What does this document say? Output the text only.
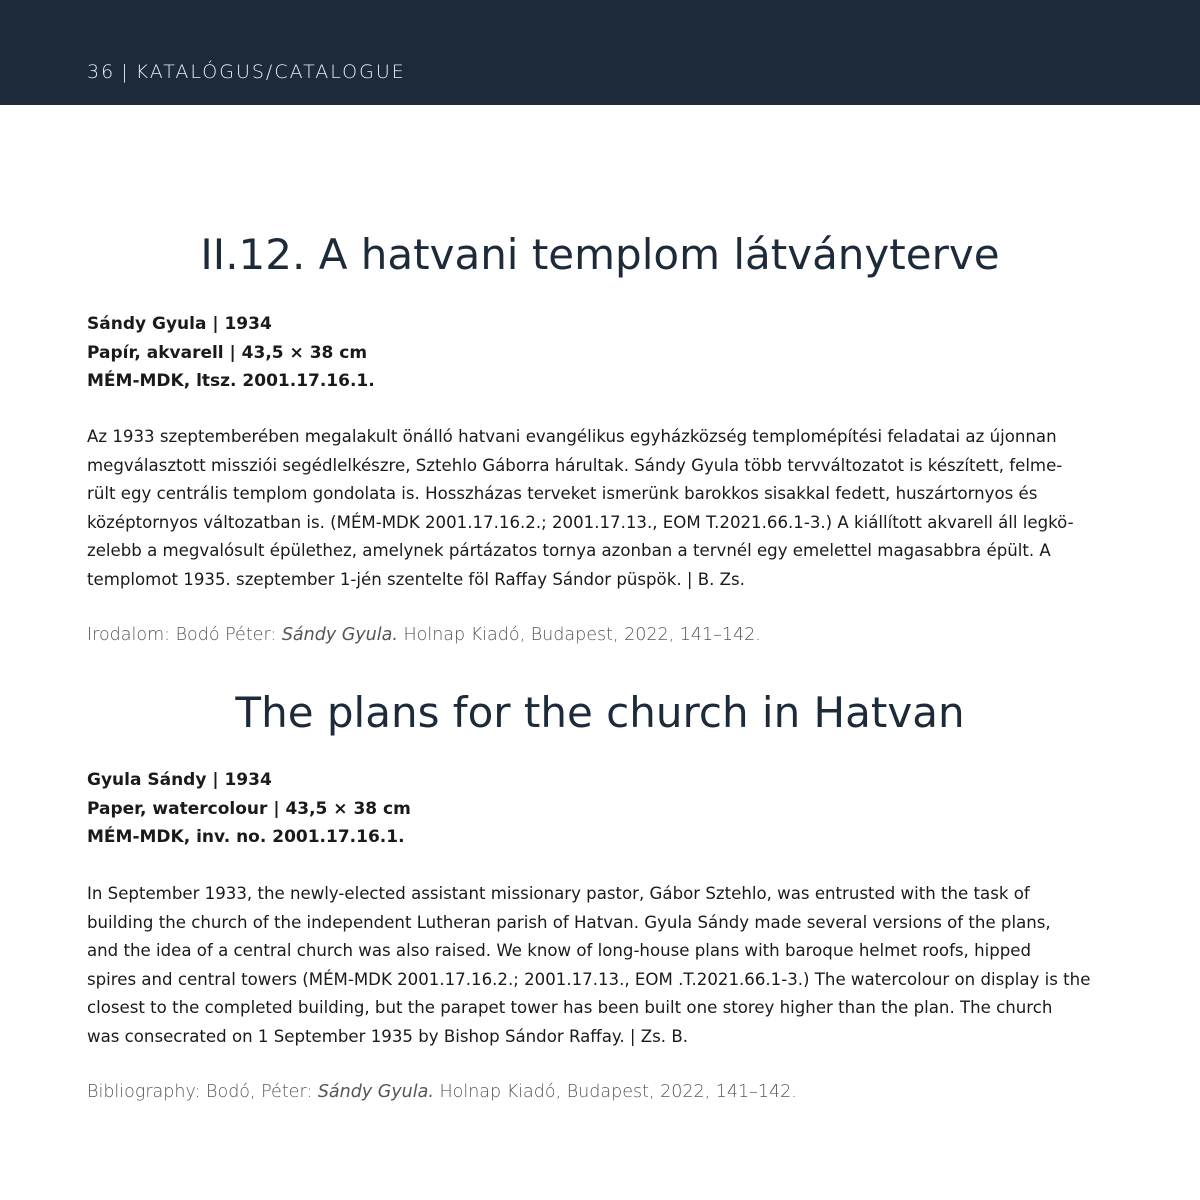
36 | KATALÓGUS/CATALOGUE
II.12. A hatvani templom látványterve
Sándy Gyula | 1934
Papír, akvarell | 43,5 × 38 cm
MÉM-MDK, ltsz. 2001.17.16.1.
Az 1933 szeptemberében megalakult önálló hatvani evangélikus egyházközség templomépítési feladatai az újonnan
megválasztott missziói segédlelkészre, Sztehlo Gáborra hárultak. Sándy Gyula több tervváltozatot is készített, felme-
rült egy centrális templom gondolata is. Hosszházas terveket ismerünk barokkos sisakkal fedett, huszártornyos és
középtornyos változatban is. (MÉM-MDK 2001.17.16.2.; 2001.17.13., EOM T.2021.66.1-3.) A kiállított akvarell áll legkö-
zelebb a megvalósult épülethez, amelynek pártázatos tornya azonban a tervnél egy emelettel magasabbra épült. A
templomot 1935. szeptember 1-jén szentelte föl Raffay Sándor püspök. | B. Zs.
Irodalom: Bodó Péter: Sándy Gyula. Holnap Kiadó, Budapest, 2022, 141–142.
The plans for the church in Hatvan
Gyula Sándy | 1934
Paper, watercolour | 43,5 × 38 cm
MÉM-MDK, inv. no. 2001.17.16.1.
In September 1933, the newly-elected assistant missionary pastor, Gábor Sztehlo, was entrusted with the task of
building the church of the independent Lutheran parish of Hatvan. Gyula Sándy made several versions of the plans,
and the idea of a central church was also raised. We know of long-house plans with baroque helmet roofs, hipped
spires and central towers (MÉM-MDK 2001.17.16.2.; 2001.17.13., EOM .T.2021.66.1-3.) The watercolour on display is the
closest to the completed building, but the parapet tower has been built one storey higher than the plan. The church
was consecrated on 1 September 1935 by Bishop Sándor Raffay. | Zs. B.
Bibliography: Bodó, Péter: Sándy Gyula. Holnap Kiadó, Budapest, 2022, 141–142.
